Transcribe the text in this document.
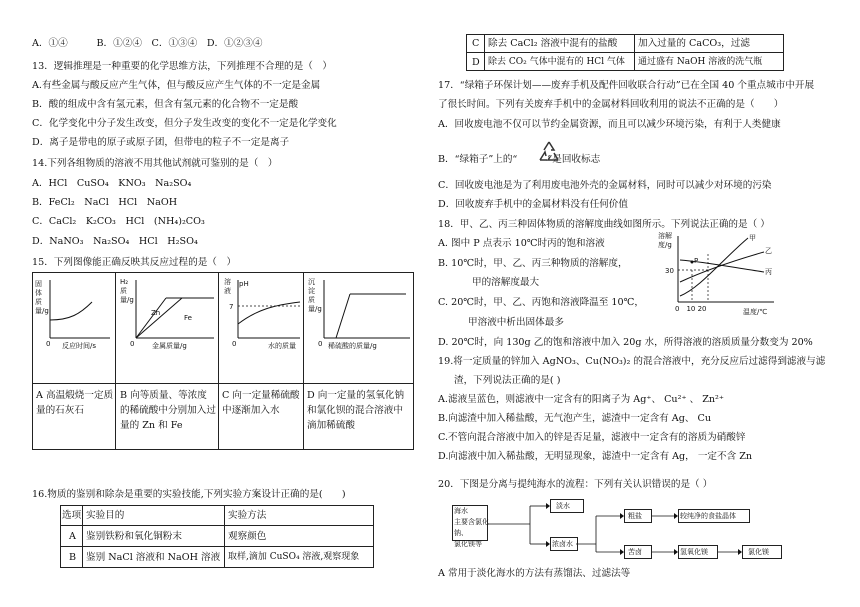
A．①④　　　B．①②④　C．①③④　D．①②③④
13．逻辑推理是一种重要的化学思维方法，下列推理不合理的是（　）
A.有些金属与酸反应产生气体，但与酸反应产生气体的不一定是金属
B．酸的组成中含有氢元素，但含有氢元素的化合物不一定是酸
C．化学变化中分子发生改变，但分子发生改变的变化不一定是化学变化
D．离子是带电的原子或原子团，但带电的粒子不一定是离子
14.下列各组物质的溶液不用其他试剂就可鉴别的是（　）
A．HCl　CuSO₄　KNO₃　Na₂SO₄
B．FeCl₂　NaCl　HCl　NaOH
C．CaCl₂　K₂CO₃　HCl　(NH₄)₂CO₃
D．NaNO₃　Na₂SO₄　HCl　H₂SO₄
15．下列图像能正确反映其反应过程的是（　）
固体质量/g
0 反应时间/s
H₂质量/g
Zn
Fe
0	金属质量/g
溶液
pH
7
0	水的质量
沉淀质量/g
0 稀硫酸的质量/g
A 高温煅烧一定质量的石灰石
B 向等质量、等浓度的稀硫酸中分别加入过量的 Zn 和 Fe
C 向一定量稀硫酸中逐渐加入水
D 向一定量的氢氧化钠和氯化钡的混合溶液中滴加稀硫酸
16.物质的鉴别和除杂是重要的实验技能,下列实验方案设计正确的是(　　)
选项 实验目的	实验方法
A 鉴别铁粉和氧化铜粉末	观察颜色
B 鉴别 NaCl 溶液和 NaOH 溶液 取样,滴加 CuSO₄ 溶液,观察现象
C 除去 CaCl₂ 溶液中混有的盐酸 加入过量的 CaCO₃，过滤
D 除去 CO₂ 气体中混有的 HCl 气体 通过盛有 NaOH 溶液的洗气瓶
17．“绿箱子环保计划——废弃手机及配件回收联合行动”已在全国 40 个重点城市中开展
了很长时间。下列有关废弃手机中的金属材料回收利用的说法不正确的是（　　）
A．回收废电池不仅可以节约金属资源，而且可以减少环境污染，有利于人类健康
B．“绿箱子”上的“	”是回收标志
C．回收废电池是为了利用废电池外壳的金属材料，同时可以减少对环境的污染
D．回收废弃手机中的金属材料没有任何价值
18．甲、乙、丙三种固体物质的溶解度曲线如图所示。下列说法正确的是（ ）
A. 图中 P 点表示 10℃时丙的饱和溶液
B. 10℃时，甲、乙、丙三种物质的溶解度，
甲的溶解度最大
C. 20℃时，甲、乙、丙饱和溶液降温至 10℃，
甲溶液中析出固体最多
D. 20℃时，向 130g 乙的饱和溶液中加入 20g 水，所得溶液的溶质质量分数变为 20%
溶解度/g
30
0　10 20	温度/℃
P
甲
乙
丙
19.将一定质量的锌加入 AgNO₃、Cu(NO₃)₂ 的混合溶液中，充分反应后过滤得到滤液与滤
渣，下列说法正确的是( )
A.滤液呈蓝色，则滤液中一定含有的阳离子为 Ag⁺、 Cu²⁺ 、 Zn²⁺
B.向滤渣中加入稀盐酸，无气泡产生，滤渣中一定含有 Ag、 Cu
C.不管向混合溶液中加入的锌是否足量，滤液中一定含有的溶质为硝酸锌
D.向滤液中加入稀盐酸，无明显现象，滤渣中一定含有 Ag， 一定不含 Zn
20．下图是分离与提纯海水的流程：下列有关认识错误的是（ ）
海水
主要含氯化钠、
氯化镁等
淡水
浓卤水
粗盐	较纯净的食盐晶体
苦卤	氢氧化镁	氯化镁
A 常用于淡化海水的方法有蒸馏法、过滤法等
